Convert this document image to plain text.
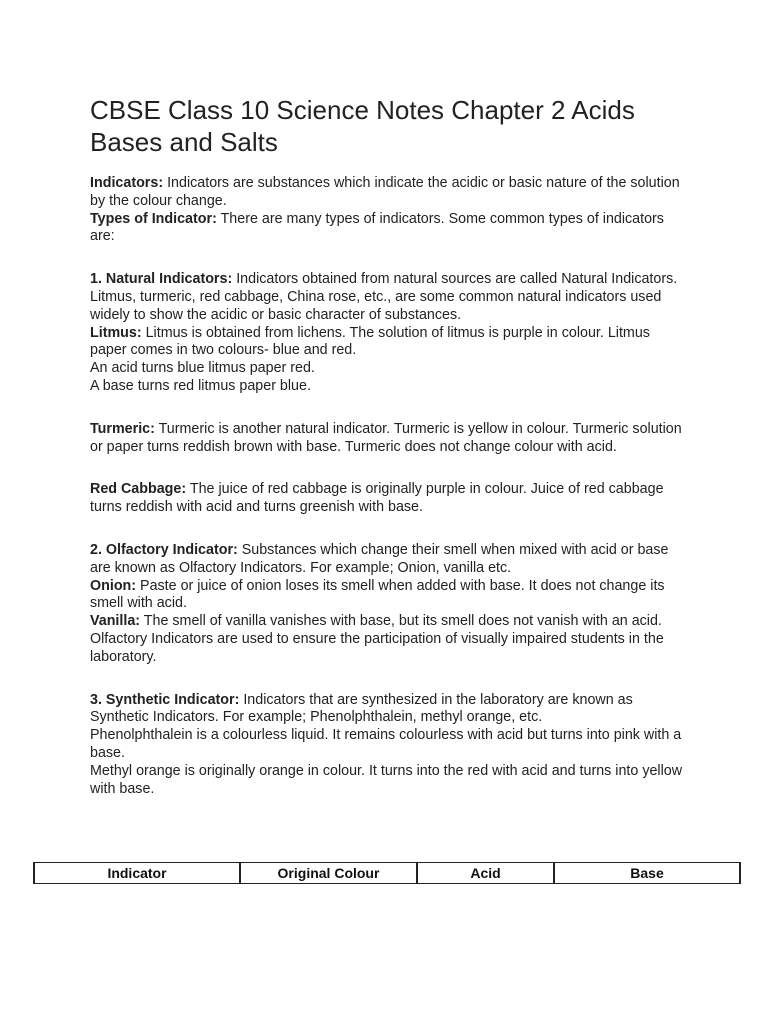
CBSE Class 10 Science Notes Chapter 2 Acids Bases and Salts

Indicators: Indicators are substances which indicate the acidic or basic nature of the solution by the colour change.

Types of Indicator: There are many types of indicators. Some common types of indicators are:

1. Natural Indicators: Indicators obtained from natural sources are called Natural Indicators. Litmus, turmeric, red cabbage, China rose, etc., are some common natural indicators used widely to show the acidic or basic character of substances.

Litmus: Litmus is obtained from lichens. The solution of litmus is purple in colour. Litmus paper comes in two colours- blue and red.

An acid turns blue litmus paper red.

A base turns red litmus paper blue.

Turmeric: Turmeric is another natural indicator. Turmeric is yellow in colour. Turmeric solution or paper turns reddish brown with base. Turmeric does not change colour with acid.

Red Cabbage: The juice of red cabbage is originally purple in colour. Juice of red cabbage turns reddish with acid and turns greenish with base.

2. Olfactory Indicator: Substances which change their smell when mixed with acid or base are known as Olfactory Indicators. For example; Onion, vanilla etc.

Onion: Paste or juice of onion loses its smell when added with base. It does not change its smell with acid.

Vanilla: The smell of vanilla vanishes with base, but its smell does not vanish with an acid.

Olfactory Indicators are used to ensure the participation of visually impaired students in the laboratory.

3. Synthetic Indicator: Indicators that are synthesized in the laboratory are known as Synthetic Indicators. For example; Phenolphthalein, methyl orange, etc.

Phenolphthalein is a colourless liquid. It remains colourless with acid but turns into pink with a base.

Methyl orange is originally orange in colour. It turns into the red with acid and turns into yellow with base.

Indicator	Original Colour	Acid	Base
